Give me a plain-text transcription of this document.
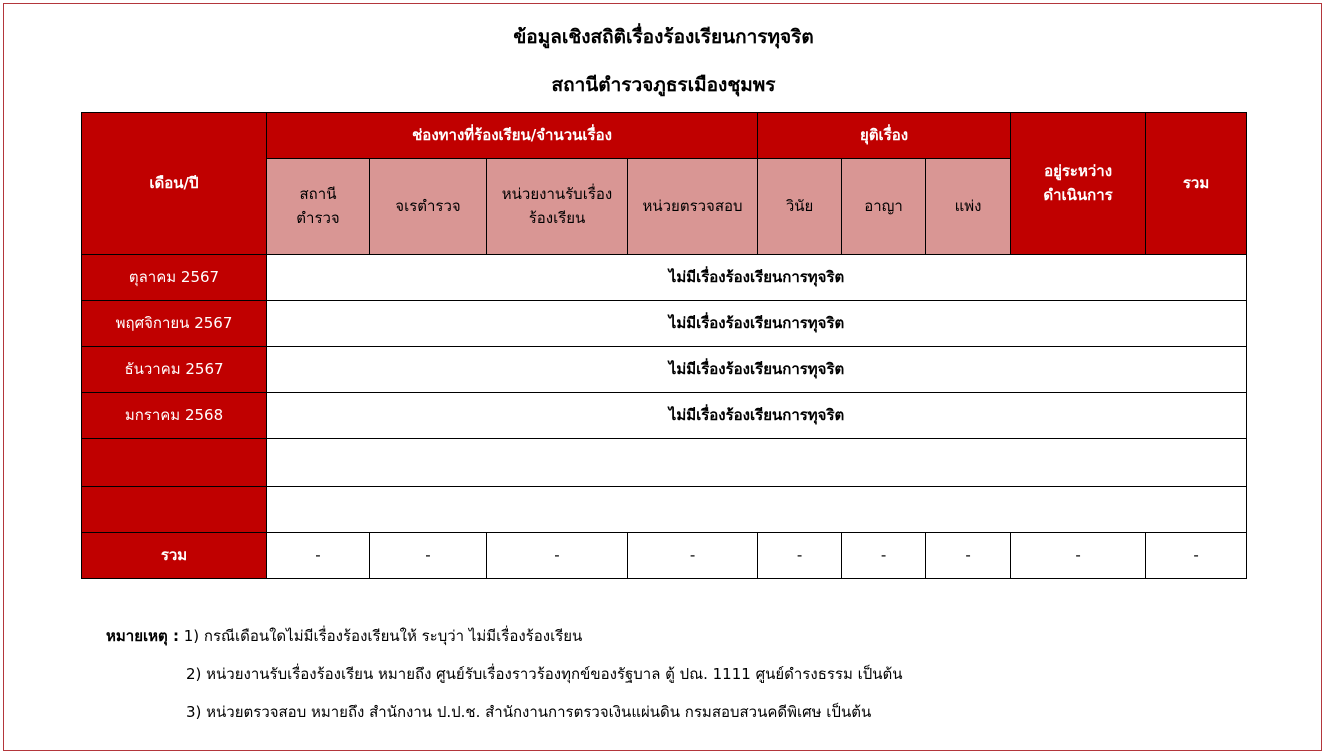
ข้อมูลเชิงสถิติเรื่องร้องเรียนการทุจริต
สถานีตำรวจภูธรเมืองชุมพร
เดือน/ปี	ช่องทางที่ร้องเรียน/จำนวนเรื่อง				ยุติเรื่อง			อยู่ระหว่างดำเนินการ	รวม
	สถานีตำรวจ	จเรตำรวจ	หน่วยงานรับเรื่องร้องเรียน	หน่วยตรวจสอบ	วินัย	อาญา	แพ่ง		
ตุลาคม 2567	ไม่มีเรื่องร้องเรียนการทุจริต								
พฤศจิกายน 2567	ไม่มีเรื่องร้องเรียนการทุจริต								
ธันวาคม 2567	ไม่มีเรื่องร้องเรียนการทุจริต								
มกราคม 2568	ไม่มีเรื่องร้องเรียนการทุจริต								

รวม	-	-	-	-	-	-	-	-	-
หมายเหตุ : 1) กรณีเดือนใดไม่มีเรื่องร้องเรียนให้ ระบุว่า ไม่มีเรื่องร้องเรียน
2) หน่วยงานรับเรื่องร้องเรียน หมายถึง ศูนย์รับเรื่องราวร้องทุกข์ของรัฐบาล ตู้ ปณ. 1111 ศูนย์ดำรงธรรม เป็นต้น
3) หน่วยตรวจสอบ หมายถึง สำนักงาน ป.ป.ช. สำนักงานการตรวจเงินแผ่นดิน กรมสอบสวนคดีพิเศษ เป็นต้น
